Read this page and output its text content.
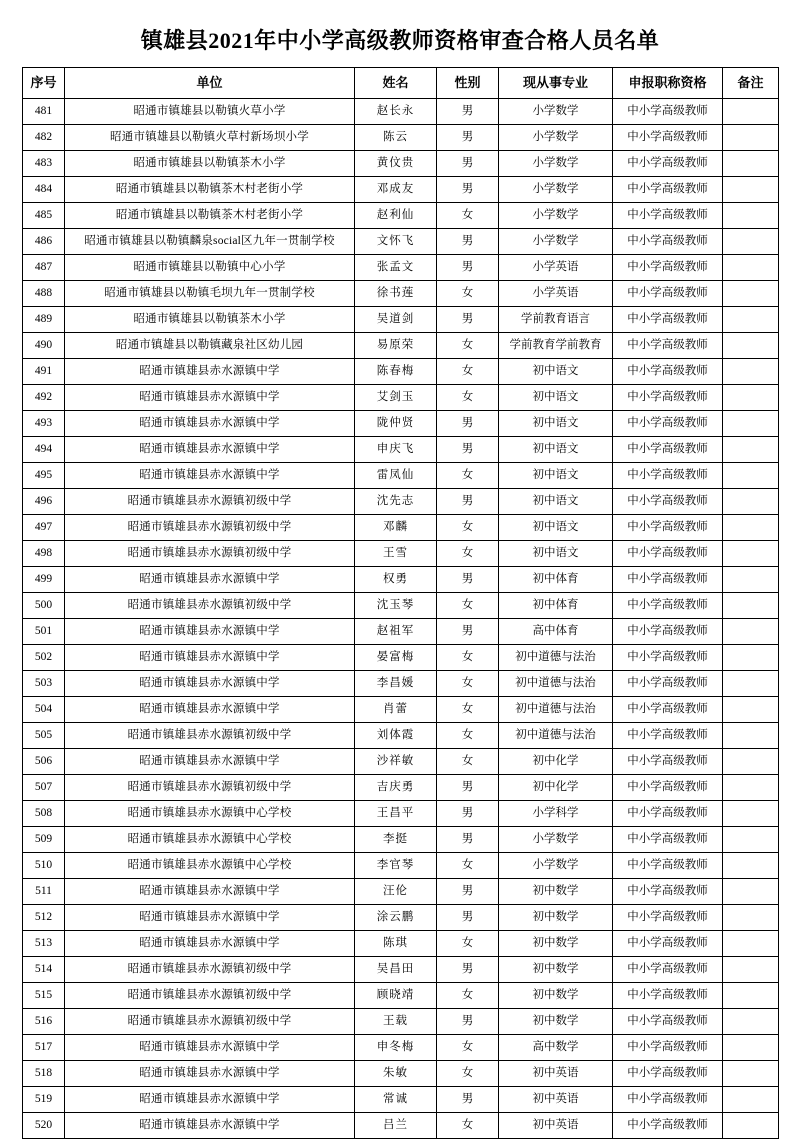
镇雄县2021年中小学高级教师资格审查合格人员名单
序号	单位	姓名	性别	现从事专业	申报职称资格	备注
481	昭通市镇雄县以勒镇火草小学	赵长永	男	小学数学	中小学高级教师	
482	昭通市镇雄县以勒镇火草村新场坝小学	陈云	男	小学数学	中小学高级教师	
483	昭通市镇雄县以勒镇茶木小学	黄伩贵	男	小学数学	中小学高级教师	
484	昭通市镇雄县以勒镇茶木村老街小学	邓成友	男	小学数学	中小学高级教师	
485	昭通市镇雄县以勒镇茶木村老街小学	赵利仙	女	小学数学	中小学高级教师	
486	昭通市镇雄县以勒镇麟泉social区九年一贯制学校	文怀飞	男	小学数学	中小学高级教师	
487	昭通市镇雄县以勒镇中心小学	张孟文	男	小学英语	中小学高级教师	
488	昭通市镇雄县以勒镇毛坝九年一贯制学校	徐书莲	女	小学英语	中小学高级教师	
489	昭通市镇雄县以勒镇茶木小学	吴道剑	男	学前教育语言	中小学高级教师	
490	昭通市镇雄县以勒镇藏泉社区幼儿园	易原荣	女	学前教育学前教育	中小学高级教师	
491	昭通市镇雄县赤水源镇中学	陈春梅	女	初中语文	中小学高级教师	
492	昭通市镇雄县赤水源镇中学	艾剑玉	女	初中语文	中小学高级教师	
493	昭通市镇雄县赤水源镇中学	陇仲贤	男	初中语文	中小学高级教师	
494	昭通市镇雄县赤水源镇中学	申庆飞	男	初中语文	中小学高级教师	
495	昭通市镇雄县赤水源镇中学	雷凤仙	女	初中语文	中小学高级教师	
496	昭通市镇雄县赤水源镇初级中学	沈先志	男	初中语文	中小学高级教师	
497	昭通市镇雄县赤水源镇初级中学	邓麟	女	初中语文	中小学高级教师	
498	昭通市镇雄县赤水源镇初级中学	王雪	女	初中语文	中小学高级教师	
499	昭通市镇雄县赤水源镇中学	权勇	男	初中体育	中小学高级教师	
500	昭通市镇雄县赤水源镇初级中学	沈玉琴	女	初中体育	中小学高级教师	
501	昭通市镇雄县赤水源镇中学	赵祖军	男	高中体育	中小学高级教师	
502	昭通市镇雄县赤水源镇中学	晏富梅	女	初中道德与法治	中小学高级教师	
503	昭通市镇雄县赤水源镇中学	李昌媛	女	初中道德与法治	中小学高级教师	
504	昭通市镇雄县赤水源镇中学	肖蕾	女	初中道德与法治	中小学高级教师	
505	昭通市镇雄县赤水源镇初级中学	刘体霞	女	初中道德与法治	中小学高级教师	
506	昭通市镇雄县赤水源镇中学	沙祥敏	女	初中化学	中小学高级教师	
507	昭通市镇雄县赤水源镇初级中学	吉庆勇	男	初中化学	中小学高级教师	
508	昭通市镇雄县赤水源镇中心学校	王昌平	男	小学科学	中小学高级教师	
509	昭通市镇雄县赤水源镇中心学校	李挺	男	小学数学	中小学高级教师	
510	昭通市镇雄县赤水源镇中心学校	李官琴	女	小学数学	中小学高级教师	
511	昭通市镇雄县赤水源镇中学	汪伦	男	初中数学	中小学高级教师	
512	昭通市镇雄县赤水源镇中学	涂云鹏	男	初中数学	中小学高级教师	
513	昭通市镇雄县赤水源镇中学	陈琪	女	初中数学	中小学高级教师	
514	昭通市镇雄县赤水源镇初级中学	吴昌田	男	初中数学	中小学高级教师	
515	昭通市镇雄县赤水源镇初级中学	顾晓靖	女	初中数学	中小学高级教师	
516	昭通市镇雄县赤水源镇初级中学	王载	男	初中数学	中小学高级教师	
517	昭通市镇雄县赤水源镇中学	申冬梅	女	高中数学	中小学高级教师	
518	昭通市镇雄县赤水源镇中学	朱敏	女	初中英语	中小学高级教师	
519	昭通市镇雄县赤水源镇中学	常诚	男	初中英语	中小学高级教师	
520	昭通市镇雄县赤水源镇中学	吕兰	女	初中英语	中小学高级教师	
